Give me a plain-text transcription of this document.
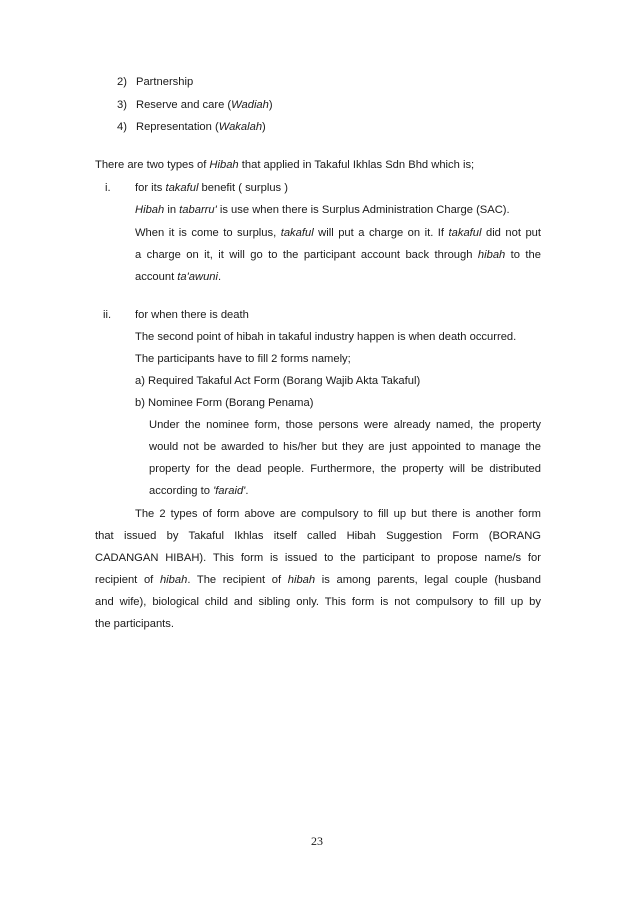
2) Partnership
3) Reserve and care (Wadiah)
4) Representation (Wakalah)
There are two types of Hibah that applied in Takaful Ikhlas Sdn Bhd which is;
i. for its takaful benefit ( surplus )
Hibah in tabarru' is use when there is Surplus Administration Charge (SAC).
When it is come to surplus, takaful will put a charge on it. If takaful did not put
a charge on it, it will go to the participant account back through hibah to the
account ta'awuni.
ii. for when there is death
The second point of hibah in takaful industry happen is when death occurred.
The participants have to fill 2 forms namely;
a) Required Takaful Act Form (Borang Wajib Akta Takaful)
b) Nominee Form (Borang Penama)
Under the nominee form, those persons were already named, the property
would not be awarded to his/her but they are just appointed to manage the
property for the dead people. Furthermore, the property will be distributed
according to 'faraid'.
The 2 types of form above are compulsory to fill up but there is another form
that issued by Takaful Ikhlas itself called Hibah Suggestion Form (BORANG
CADANGAN HIBAH). This form is issued to the participant to propose name/s for
recipient of hibah. The recipient of hibah is among parents, legal couple (husband
and wife), biological child and sibling only. This form is not compulsory to fill up by
the participants.
23
